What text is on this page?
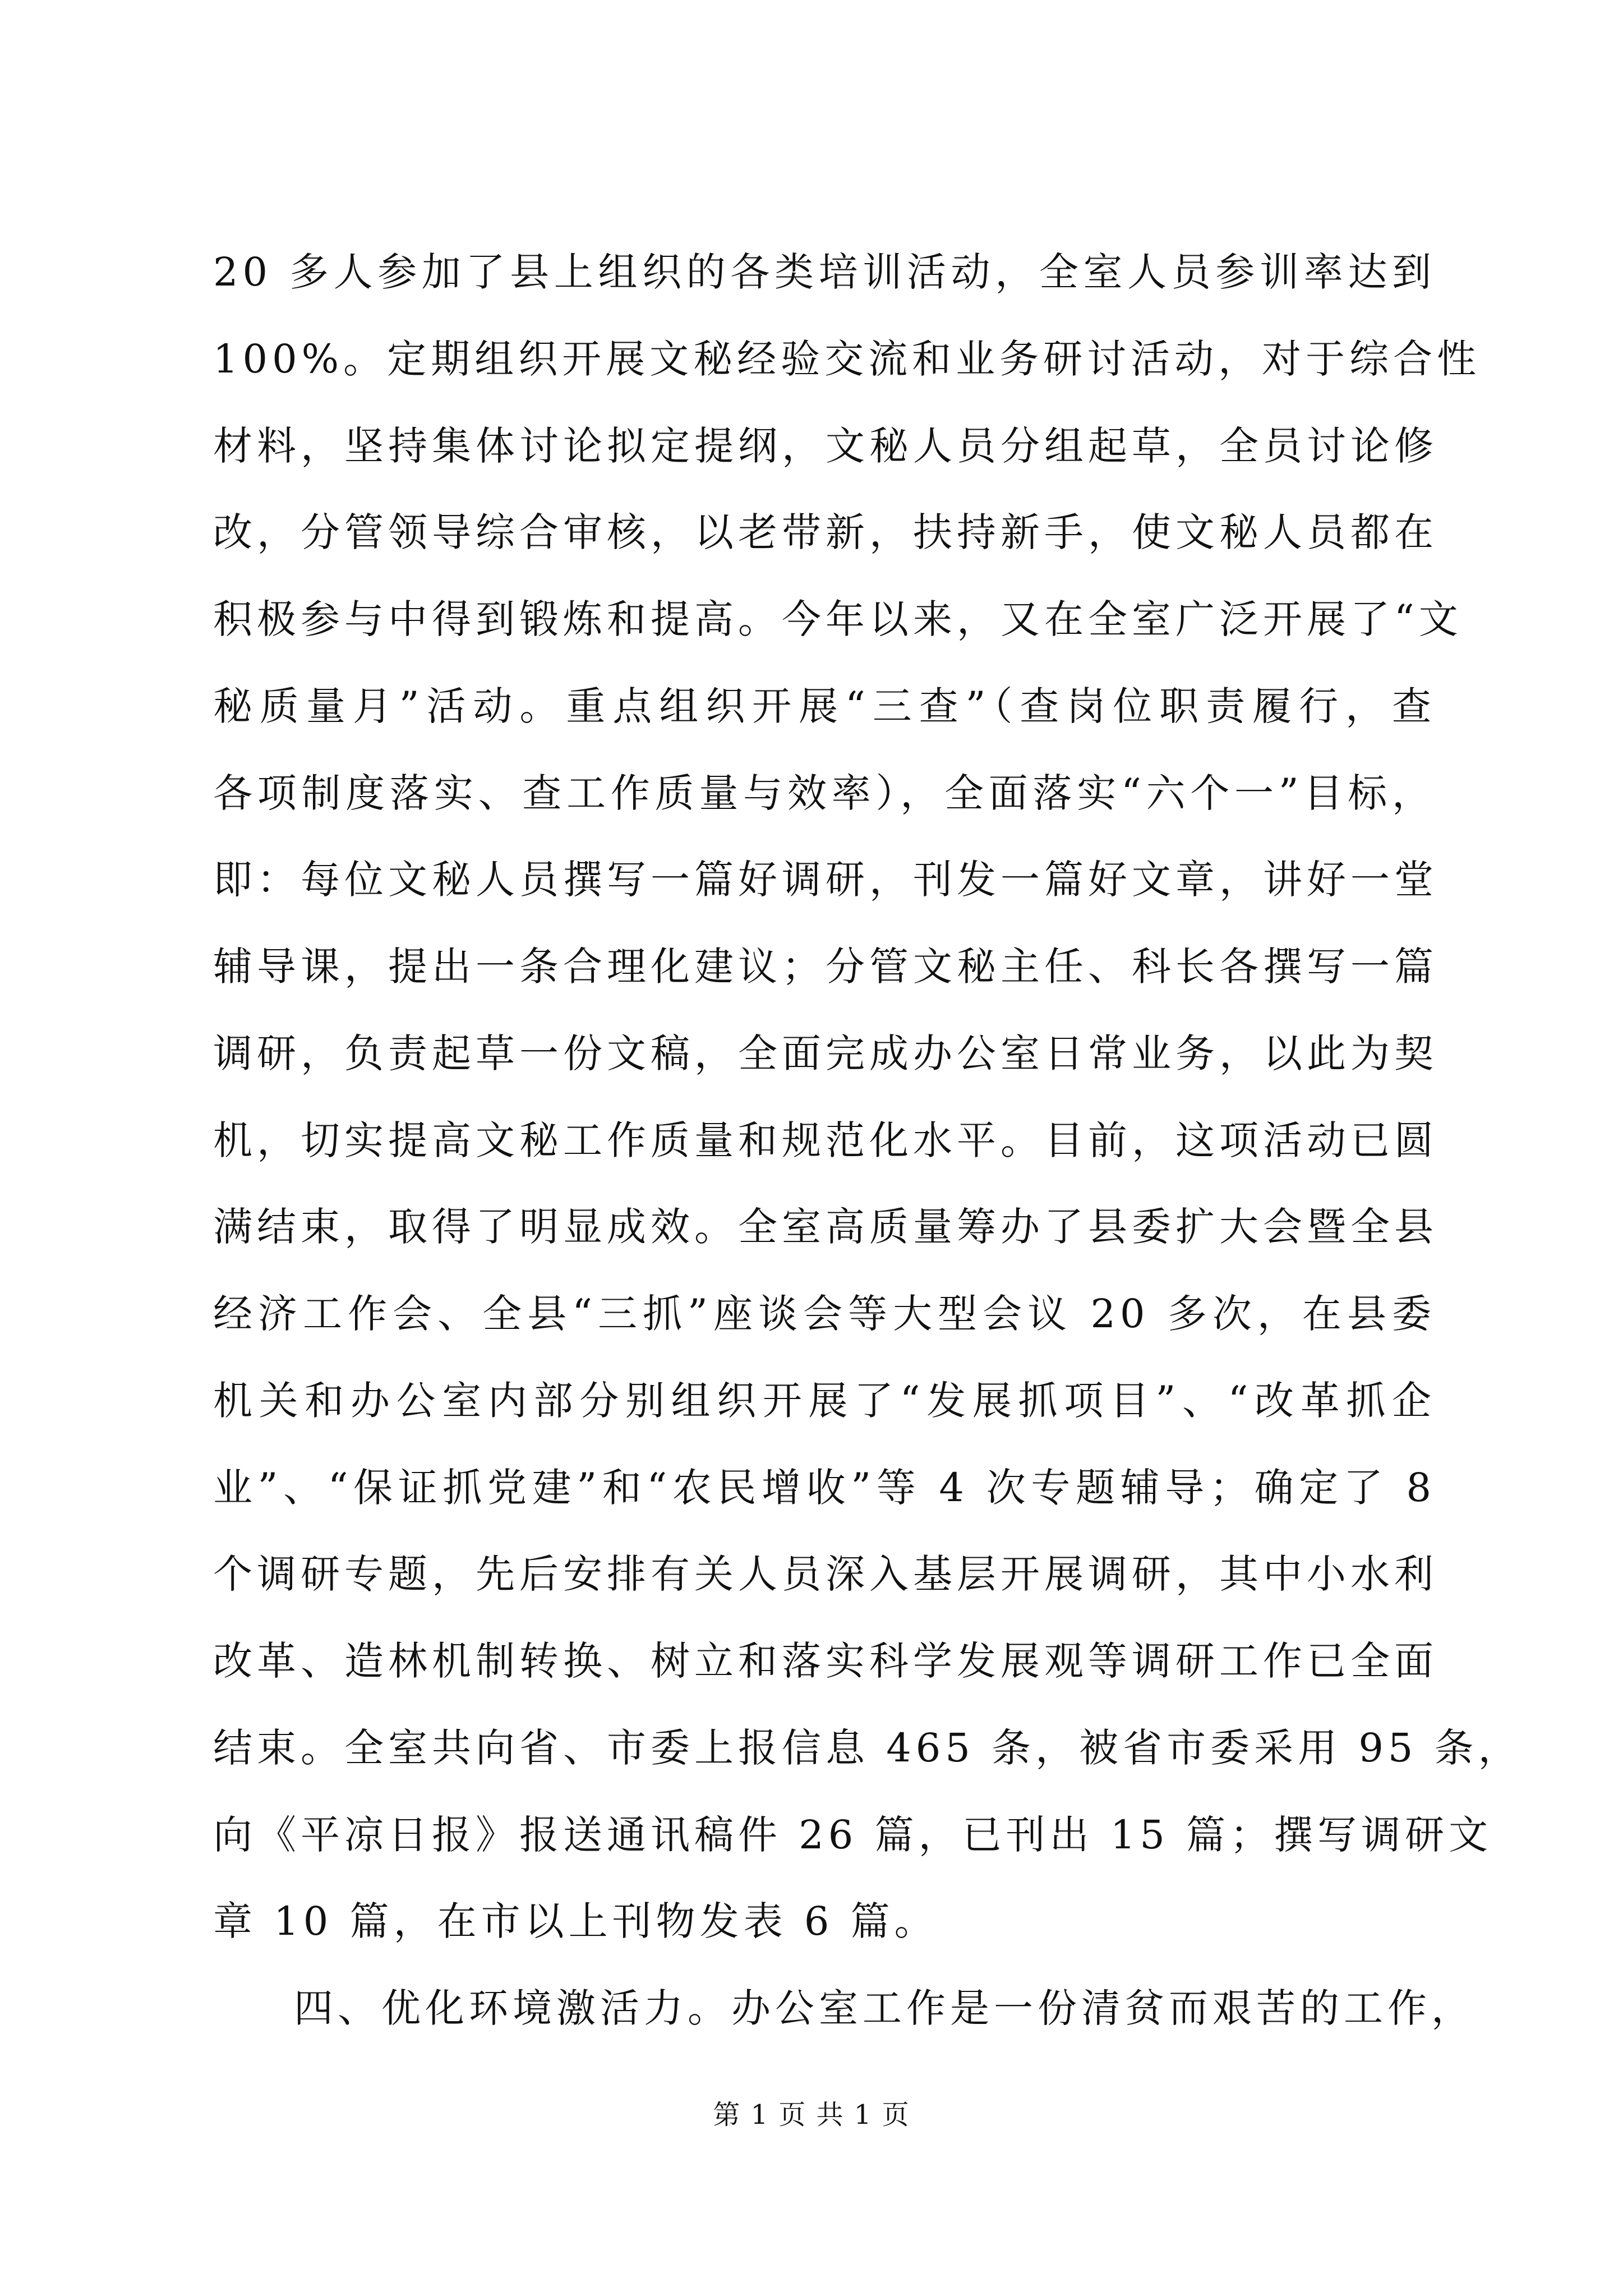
20 多人参加了县上组织的各类培训活动，全室人员参训率达到
100%。定期组织开展文秘经验交流和业务研讨活动，对于综合性
材料，坚持集体讨论拟定提纲，文秘人员分组起草，全员讨论修
改，分管领导综合审核，以老带新，扶持新手，使文秘人员都在
积极参与中得到锻炼和提高。今年以来，又在全室广泛开展了“文
秘质量月”活动。重点组织开展“三查”（查岗位职责履行，查
各项制度落实、查工作质量与效率），全面落实“六个一”目标，
即：每位文秘人员撰写一篇好调研，刊发一篇好文章，讲好一堂
辅导课，提出一条合理化建议；分管文秘主任、科长各撰写一篇
调研，负责起草一份文稿，全面完成办公室日常业务，以此为契
机，切实提高文秘工作质量和规范化水平。目前，这项活动已圆
满结束，取得了明显成效。全室高质量筹办了县委扩大会暨全县
经济工作会、全县“三抓”座谈会等大型会议 20 多次，在县委
机关和办公室内部分别组织开展了“发展抓项目”、“改革抓企
业”、“保证抓党建”和“农民增收”等 4 次专题辅导；确定了 8
个调研专题，先后安排有关人员深入基层开展调研，其中小水利
改革、造林机制转换、树立和落实科学发展观等调研工作已全面
结束。全室共向省、市委上报信息 465 条，被省市委采用 95 条，
向《平凉日报》报送通讯稿件 26 篇，已刊出 15 篇；撰写调研文
章 10 篇，在市以上刊物发表 6 篇。
四、优化环境激活力。办公室工作是一份清贫而艰苦的工作，
第 1 页 共 1 页
